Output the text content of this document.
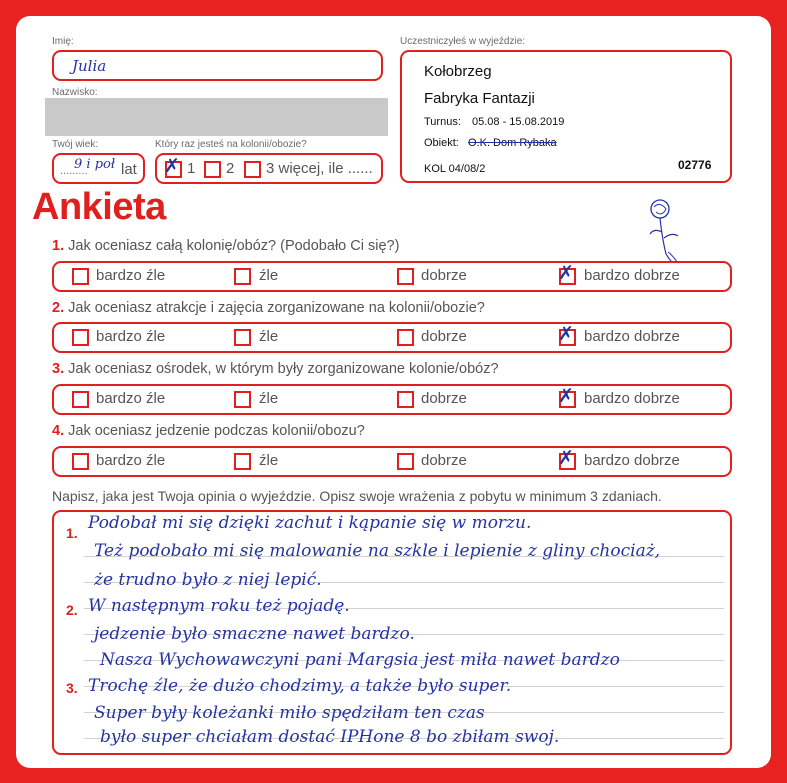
Imię:
Julia
Nazwisko:
Twój wiek:
.........
9 i poł lat
Który raz jesteś na kolonii/obozie?
✗ 1 2 3 więcej, ile ......
Uczestniczyłeś w wyjeździe:
Kołobrzeg
Fabryka Fantazji
Turnus: 05.08 - 15.08.2019
Obiekt: O.K. Dom Rybaka
KOL 04/08/2	02776
Ankieta
1. Jak oceniasz całą kolonię/obóz? (Podobało Ci się?)
bardzo źle	źle	dobrze	✗ bardzo dobrze
2. Jak oceniasz atrakcje i zajęcia zorganizowane na kolonii/obozie?
bardzo źle	źle	dobrze	✗ bardzo dobrze
3. Jak oceniasz ośrodek, w którym były zorganizowane kolonie/obóz?
bardzo źle	źle	dobrze	✗ bardzo dobrze
4. Jak oceniasz jedzenie podczas kolonii/obozu?
bardzo źle	źle	dobrze	✗ bardzo dobrze
Napisz, jaka jest Twoja opinia o wyjeździe. Opisz swoje wrażenia z pobytu w minimum 3 zdaniach.
1.
2.
3.
Podobał mi się dzięki zachut i kąpanie się w morzu.
Też podobało mi się malowanie na szkle i lepienie z gliny chociaż,
że trudno było z niej lepić.
W następnym roku też pojadę.
jedzenie było smaczne nawet bardzo.
Nasza Wychowawczyni pani Margsia jest miła nawet bardzo
Trochę źle, że dużo chodzimy, a także było super.
Super były koleżanki miło spędziłam ten czas
było super chciałam dostać IPHone 8 bo zbiłam swoj.
